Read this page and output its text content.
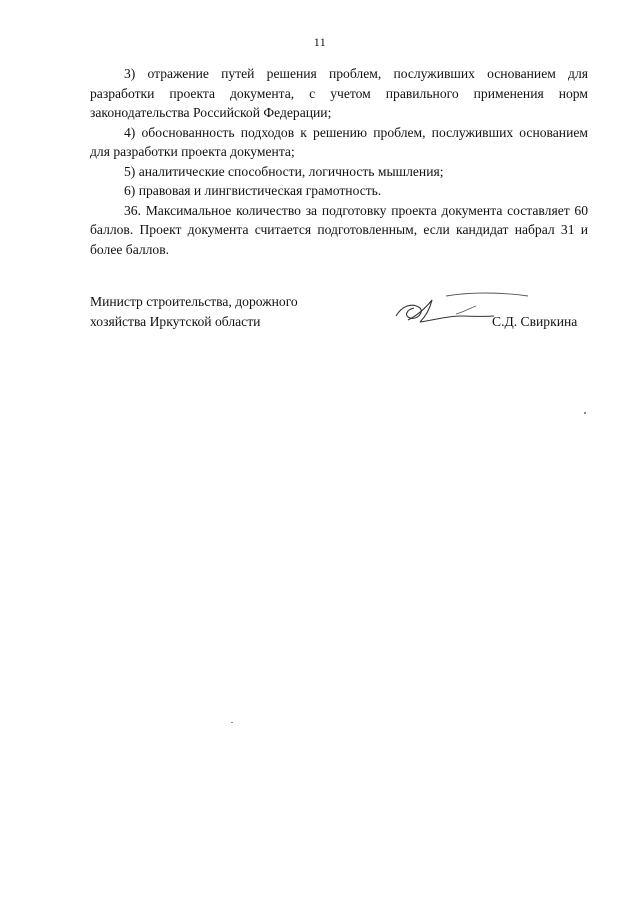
11

3) отражение путей решения проблем, послуживших основанием для разработки проекта документа, с учетом правильного применения норм законодательства Российской Федерации;

4) обоснованность подходов к решению проблем, послуживших основанием для разработки проекта документа;

5) аналитические способности, логичность мышления;

6) правовая и лингвистическая грамотность.

36. Максимальное количество за подготовку проекта документа составляет 60 баллов. Проект документа считается подготовленным, если кандидат набрал 31 и более баллов.

Министр строительства, дорожного
хозяйства Иркутской области	С.Д. Свиркина
